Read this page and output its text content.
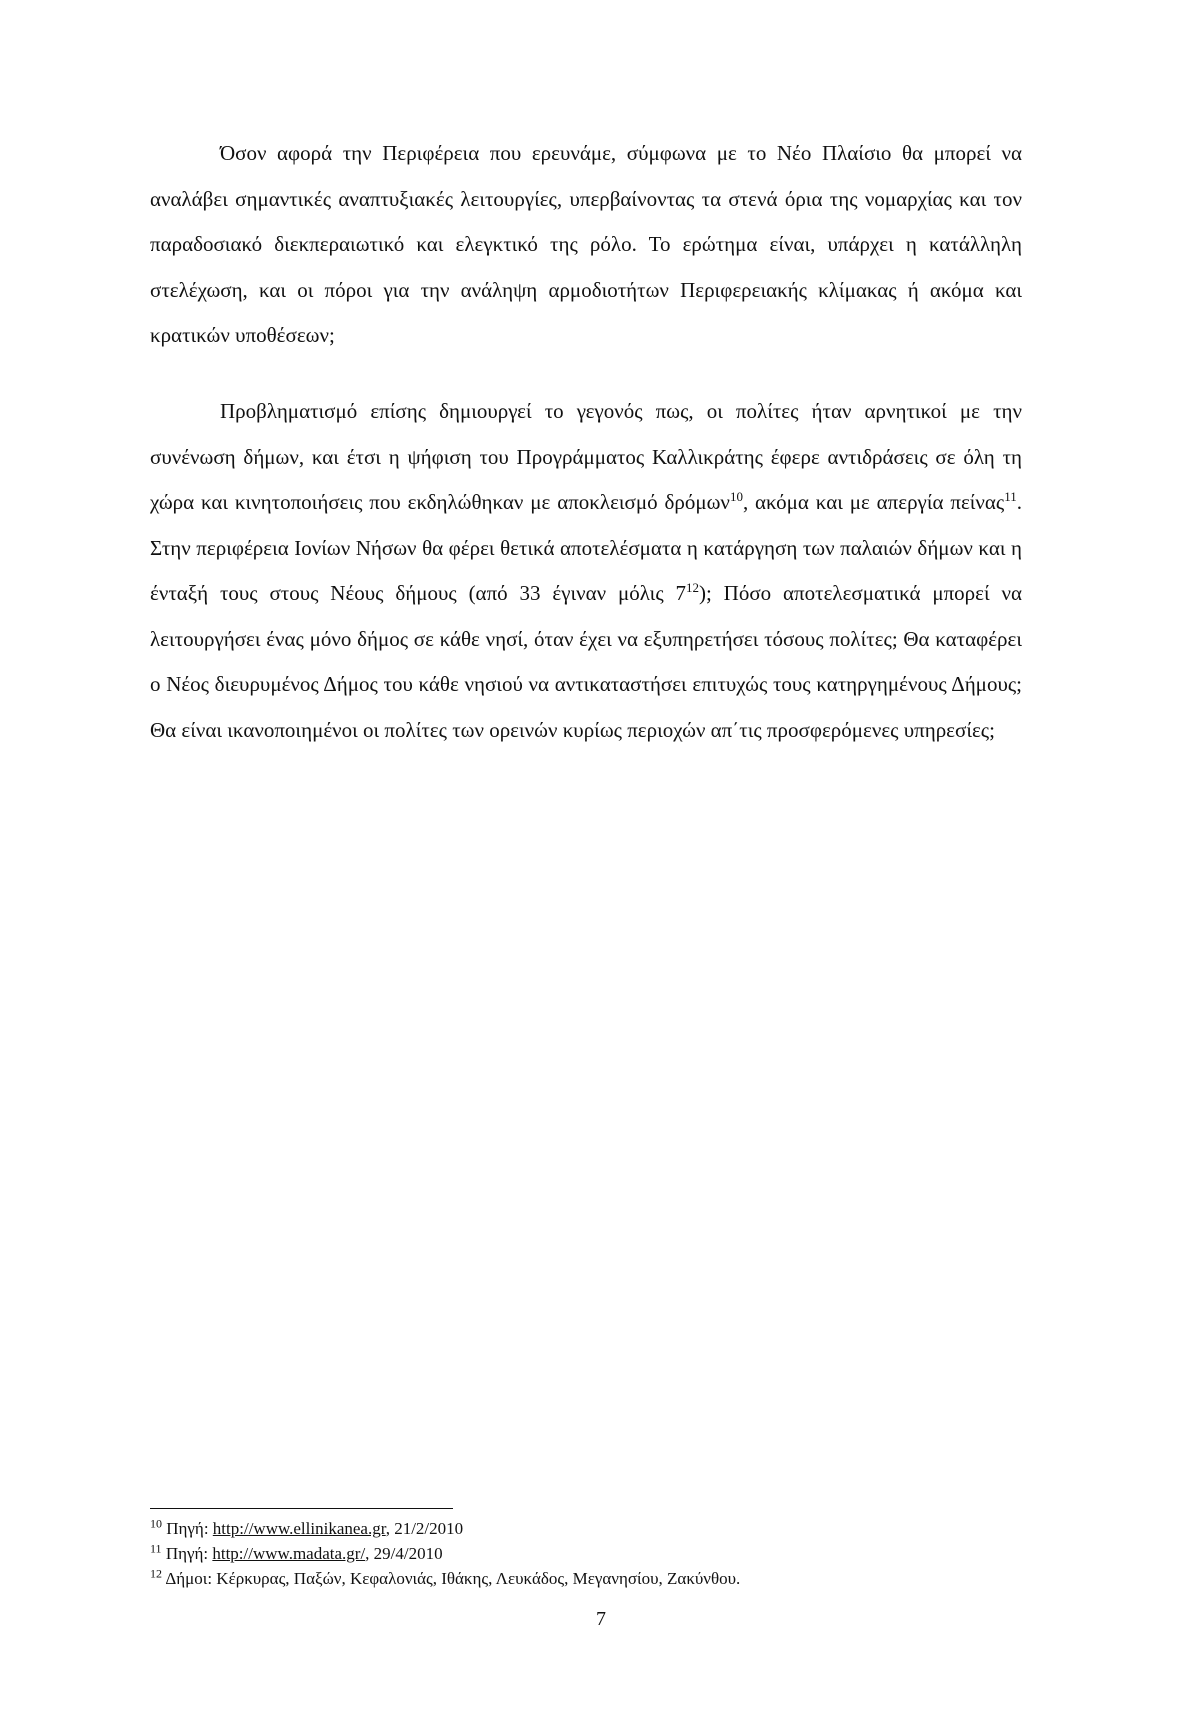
Όσον αφορά την Περιφέρεια που ερευνάμε, σύμφωνα με το Νέο Πλαίσιο θα μπορεί να αναλάβει σημαντικές αναπτυξιακές λειτουργίες, υπερβαίνοντας τα στενά όρια της νομαρχίας και τον παραδοσιακό διεκπεραιωτικό και ελεγκτικό της ρόλο. Το ερώτημα είναι, υπάρχει η κατάλληλη στελέχωση, και οι πόροι για την ανάληψη αρμοδιοτήτων Περιφερειακής κλίμακας ή ακόμα και κρατικών υποθέσεων;

Προβληματισμό επίσης δημιουργεί το γεγονός πως, οι πολίτες ήταν αρνητικοί με την συνένωση δήμων, και έτσι η ψήφιση του Προγράμματος Καλλικράτης έφερε αντιδράσεις σε όλη τη χώρα και κινητοποιήσεις που εκδηλώθηκαν με αποκλεισμό δρόμων$^{10}$, ακόμα και με απεργία πείνας$^{11}$. Στην περιφέρεια Ιονίων Νήσων θα φέρει θετικά αποτελέσματα η κατάργηση των παλαιών δήμων και η ένταξή τους στους Νέους δήμους (από 33 έγιναν μόλις $7^{12}$); Πόσο αποτελεσματικά μπορεί να λειτουργήσει ένας μόνο δήμος σε κάθε νησί, όταν έχει να εξυπηρετήσει τόσους πολίτες; Θα καταφέρει ο Νέος διευρυμένος Δήμος του κάθε νησιού να αντικαταστήσει επιτυχώς τους κατηργημένους Δήμους; Θα είναι ικανοποιημένοι οι πολίτες των ορεινών κυρίως περιοχών απ΄τις προσφερόμενες υπηρεσίες;

$^{10}$ Πηγή: http://www.ellinikanea.gr, 21/2/2010

$^{11}$ Πηγή: http://www.madata.gr/, 29/4/2010

$^{12}$ Δήμοι: Κέρκυρας, Παξών, Κεφαλονιάς, Ιθάκης, Λευκάδος, Μεγανησίου, Ζακύνθου.

7
